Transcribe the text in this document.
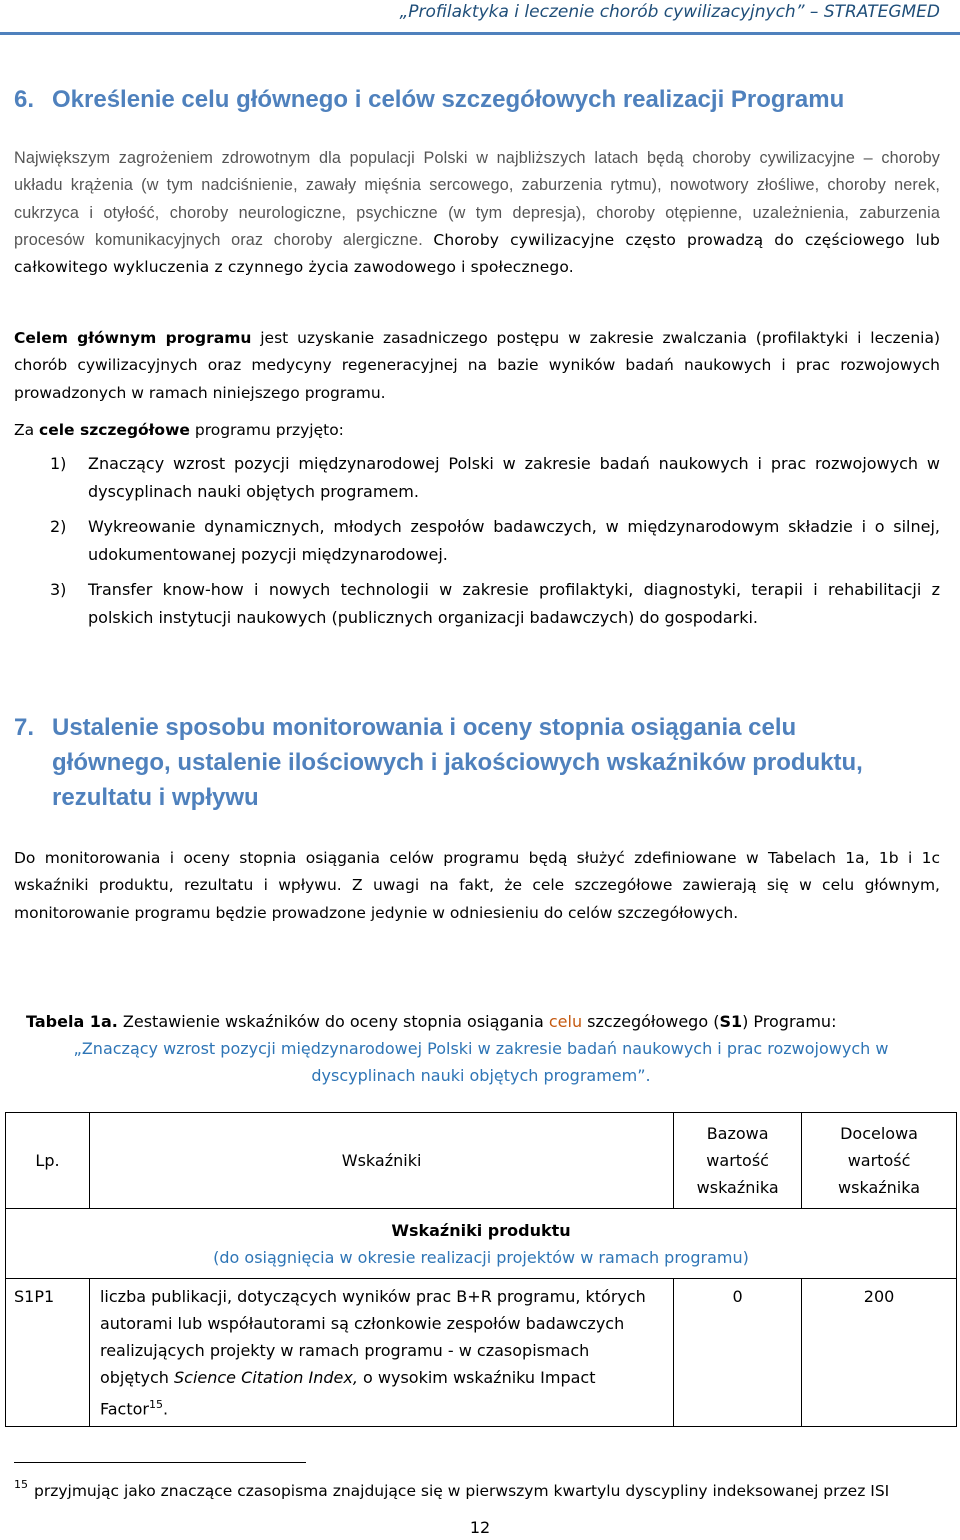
„Profilaktyka i leczenie chorób cywilizacyjnych” – STRATEGMED
6. Określenie celu głównego i celów szczegółowych realizacji Programu

Największym zagrożeniem zdrowotnym dla populacji Polski w najbliższych latach będą choroby cywilizacyjne – choroby układu krążenia (w tym nadciśnienie, zawały mięśnia sercowego, zaburzenia rytmu), nowotwory złośliwe, choroby nerek, cukrzyca i otyłość, choroby neurologiczne, psychiczne (w tym depresja), choroby otępienne, uzależnienia, zaburzenia procesów komunikacyjnych oraz choroby alergiczne. Choroby cywilizacyjne często prowadzą do częściowego lub całkowitego wykluczenia z czynnego życia zawodowego i społecznego.

Celem głównym programu jest uzyskanie zasadniczego postępu w zakresie zwalczania (profilaktyki i leczenia) chorób cywilizacyjnych oraz medycyny regeneracyjnej na bazie wyników badań naukowych i prac rozwojowych prowadzonych w ramach niniejszego programu.

Za cele szczegółowe programu przyjęto:

1) Znaczący wzrost pozycji międzynarodowej Polski w zakresie badań naukowych i prac rozwojowych w dyscyplinach nauki objętych programem.
2) Wykreowanie dynamicznych, młodych zespołów badawczych, w międzynarodowym składzie i o silnej, udokumentowanej pozycji międzynarodowej.
3) Transfer know-how i nowych technologii w zakresie profilaktyki, diagnostyki, terapii i rehabilitacji z polskich instytucji naukowych (publicznych organizacji badawczych) do gospodarki.
7. Ustalenie sposobu monitorowania i oceny stopnia osiągania celu głównego, ustalenie ilościowych i jakościowych wskaźników produktu, rezultatu i wpływu

Do monitorowania i oceny stopnia osiągania celów programu będą służyć zdefiniowane w Tabelach 1a, 1b i 1c wskaźniki produktu, rezultatu i wpływu. Z uwagi na fakt, że cele szczegółowe zawierają się w celu głównym, monitorowanie programu będzie prowadzone jedynie w odniesieniu do celów szczegółowych.

Tabela 1a. Zestawienie wskaźników do oceny stopnia osiągania celu szczegółowego (S1) Programu:
„Znaczący wzrost pozycji międzynarodowej Polski w zakresie badań naukowych i prac rozwojowych w dyscyplinach nauki objętych programem”.
Lp.	Wskaźniki	Bazowa wartość wskaźnika	Docelowa wartość wskaźnika

Wskaźniki produktu
(do osiągnięcia w okresie realizacji projektów w ramach programu)			

S1P1	liczba publikacji, dotyczących wyników prac B+R programu, których autorami lub współautorami są członkowie zespołów badawczych realizujących projekty w ramach programu - w czasopismach objętych Science Citation Index, o wysokim wskaźniku Impact Factor$^{15}$.	0	200
$^{15}$ przyjmując jako znaczące czasopisma znajdujące się w pierwszym kwartylu dyscypliny indeksowanej przez ISI
12
